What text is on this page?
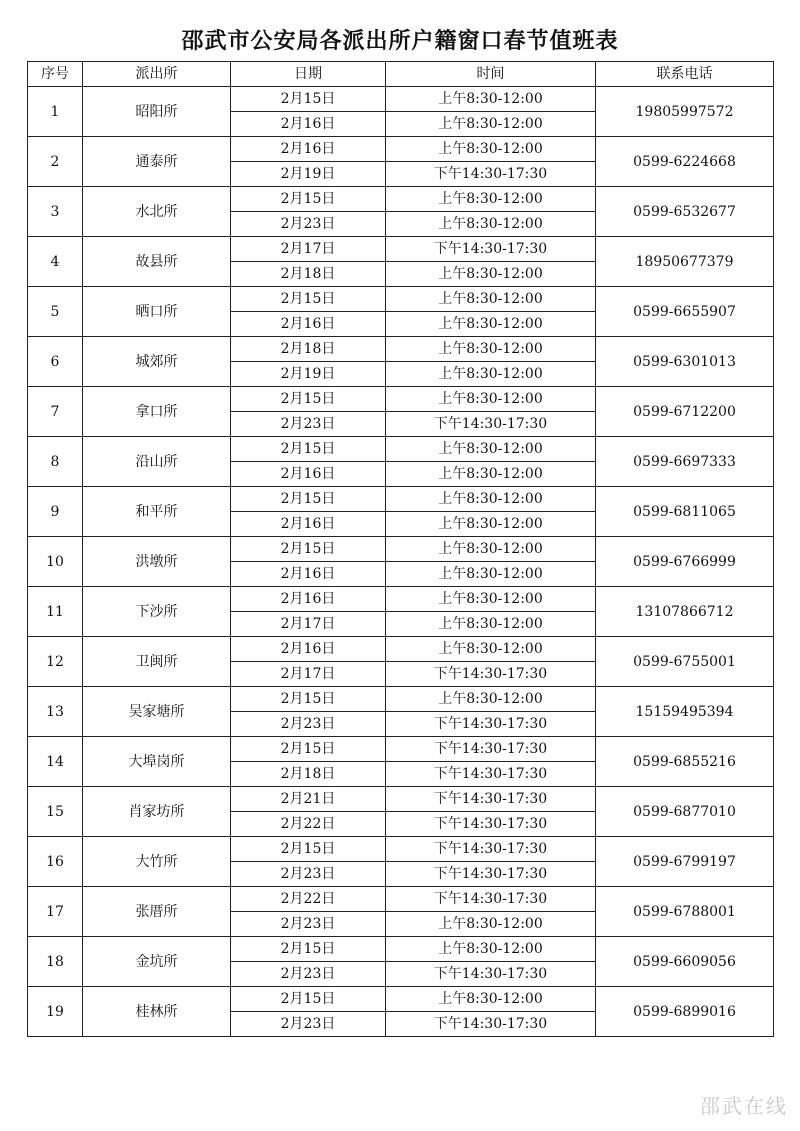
邵武市公安局各派出所户籍窗口春节值班表
序号	派出所	日期	时间	联系电话
1	昭阳所	2月15日	上午8:30-12:00	19805997572
		2月16日	上午8:30-12:00	
2	通泰所	2月16日	上午8:30-12:00	0599-6224668
		2月19日	下午14:30-17:30	
3	水北所	2月15日	上午8:30-12:00	0599-6532677
		2月23日	上午8:30-12:00	
4	故县所	2月17日	下午14:30-17:30	18950677379
		2月18日	上午8:30-12:00	
5	晒口所	2月15日	上午8:30-12:00	0599-6655907
		2月16日	上午8:30-12:00	
6	城郊所	2月18日	上午8:30-12:00	0599-6301013
		2月19日	上午8:30-12:00	
7	拿口所	2月15日	上午8:30-12:00	0599-6712200
		2月23日	下午14:30-17:30	
8	沿山所	2月15日	上午8:30-12:00	0599-6697333
		2月16日	上午8:30-12:00	
9	和平所	2月15日	上午8:30-12:00	0599-6811065
		2月16日	上午8:30-12:00	
10	洪墩所	2月15日	上午8:30-12:00	0599-6766999
		2月16日	上午8:30-12:00	
11	下沙所	2月16日	上午8:30-12:00	13107866712
		2月17日	上午8:30-12:00	
12	卫闽所	2月16日	上午8:30-12:00	0599-6755001
		2月17日	下午14:30-17:30	
13	吴家塘所	2月15日	上午8:30-12:00	15159495394
		2月23日	下午14:30-17:30	
14	大埠岗所	2月15日	下午14:30-17:30	0599-6855216
		2月18日	下午14:30-17:30	
15	肖家坊所	2月21日	下午14:30-17:30	0599-6877010
		2月22日	下午14:30-17:30	
16	大竹所	2月15日	下午14:30-17:30	0599-6799197
		2月23日	下午14:30-17:30	
17	张厝所	2月22日	下午14:30-17:30	0599-6788001
		2月23日	上午8:30-12:00	
18	金坑所	2月15日	上午8:30-12:00	0599-6609056
		2月23日	下午14:30-17:30	
19	桂林所	2月15日	上午8:30-12:00	0599-6899016
		2月23日	下午14:30-17:30	
邵武在线
